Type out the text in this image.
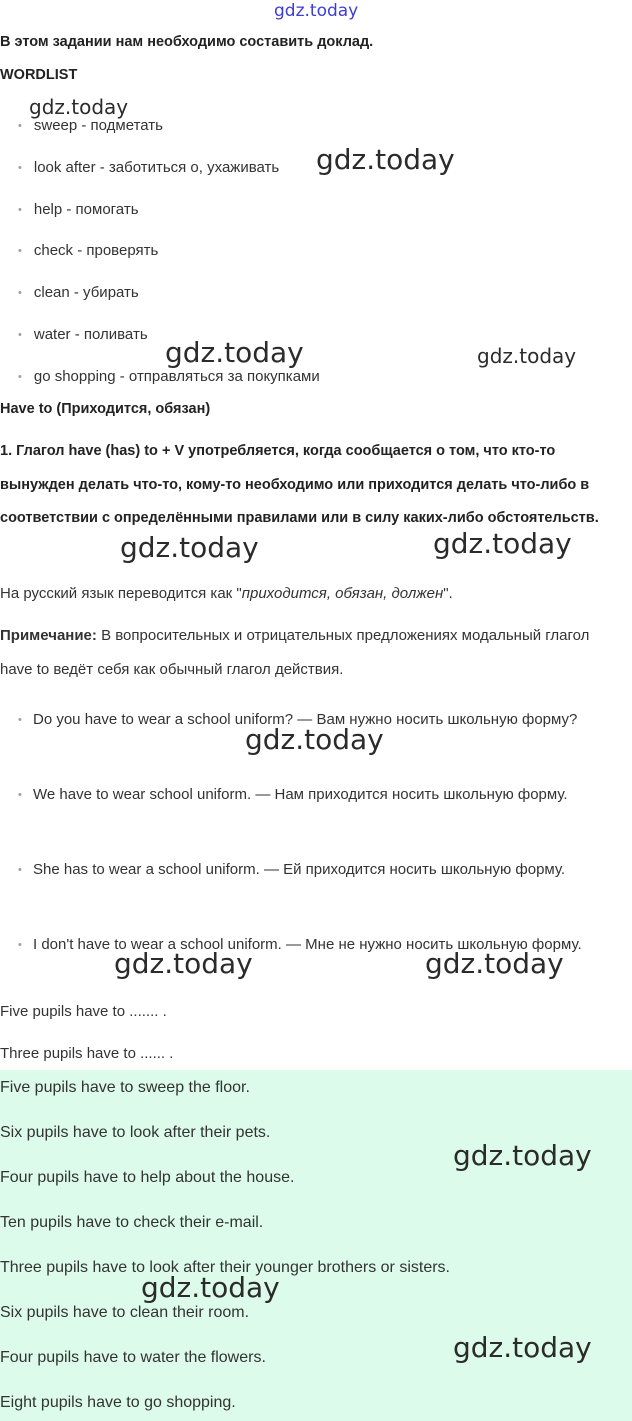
gdz.today
В этом задании нам необходимо составить доклад.
WORDLIST
gdz.today
• sweep - подметать
• look after - заботиться о, ухаживать gdz.today
• help - помогать
• check - проверять
• clean - убирать
• water - поливать
gdz.today	gdz.today
• go shopping - отправляться за покупками
Have to (Приходится, обязан)
1. Глагол have (has) to + V употребляется, когда сообщается о том, что кто-то вынужден делать что-то, кому-то необходимо или приходится делать что-либо в соответствии с определёнными правилами или в силу каких-либо обстоятельств.
gdz.today	gdz.today
На русский язык переводится как "приходится, обязан, должен".
Примечание: В вопросительных и отрицательных предложениях модальный глагол have to ведёт себя как обычный глагол действия.
• Do you have to wear a school uniform? — Вам нужно носить школьную форму?
gdz.today
• We have to wear school uniform. — Нам приходится носить школьную форму.
• She has to wear a school uniform. — Ей приходится носить школьную форму.
• I don't have to wear a school uniform. — Мне не нужно носить школьную форму.
gdz.today	gdz.today
Five pupils have to ....... .
Three pupils have to ...... .
Five pupils have to sweep the floor.
Six pupils have to look after their pets.
Four pupils have to help about the house.
Ten pupils have to check their e-mail.
Three pupils have to look after their younger brothers or sisters.
Six pupils have to clean their room.
Four pupils have to water the flowers.
Eight pupils have to go shopping.
gdz.today
gdz.today
gdz.today
